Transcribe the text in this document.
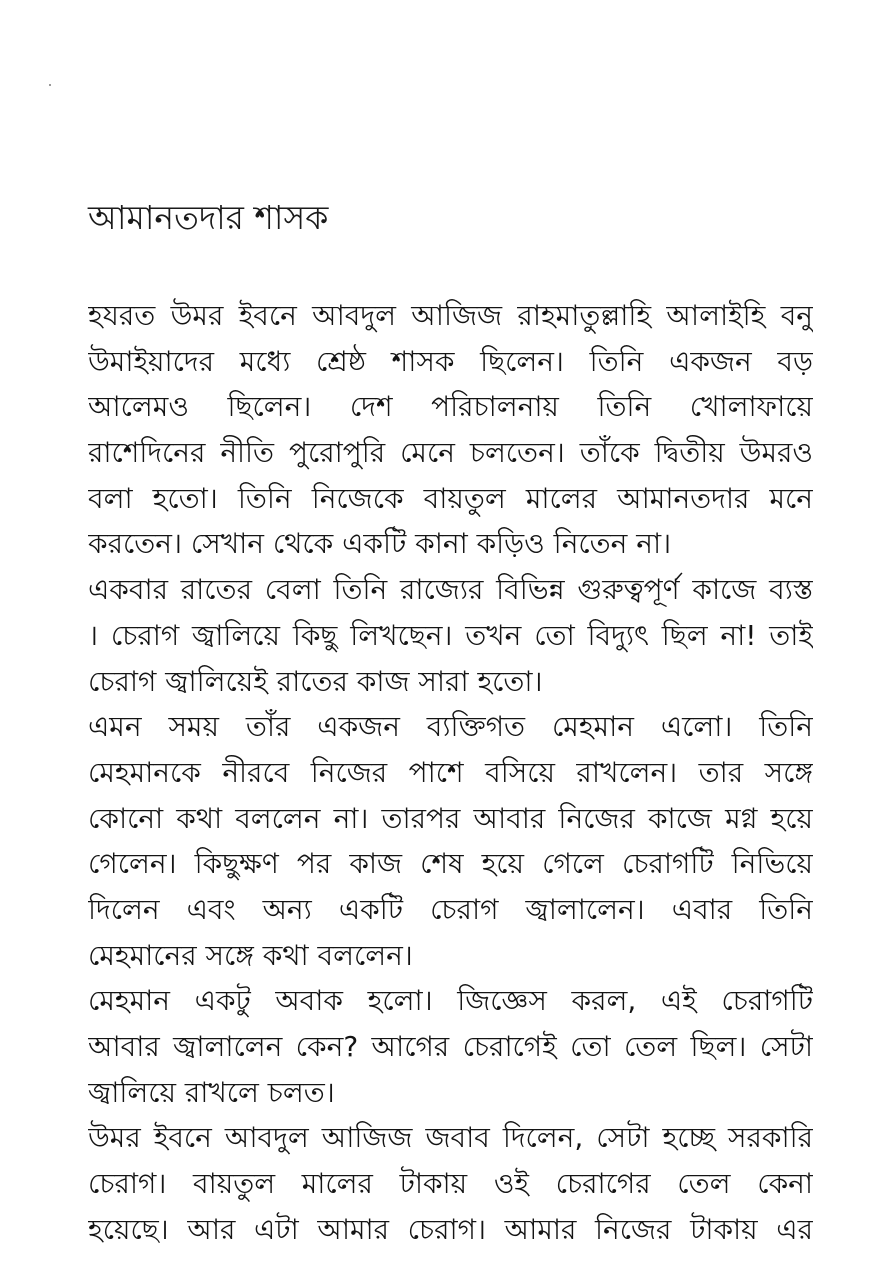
আমানতদার শাসক
হযরত উমর ইবনে আবদুল আজিজ রাহমাতুল্লাহি আলাইহি বনু
উমাইয়াদের মধ্যে শ্রেষ্ঠ শাসক ছিলেন। তিনি একজন বড়
আলেমও ছিলেন। দেশ পরিচালনায় তিনি খোলাফায়ে
রাশেদিনের নীতি পুরোপুরি মেনে চলতেন। তাঁকে দ্বিতীয় উমরও
বলা হতো। তিনি নিজেকে বায়তুল মালের আমানতদার মনে
করতেন। সেখান থেকে একটি কানা কড়িও নিতেন না।
একবার রাতের বেলা তিনি রাজ্যের বিভিন্ন গুরুত্বপূর্ণ কাজে ব্যস্ত
। চেরাগ জ্বালিয়ে কিছু লিখছেন। তখন তো বিদ্যুৎ ছিল না! তাই
চেরাগ জ্বালিয়েই রাতের কাজ সারা হতো।
এমন সময় তাঁর একজন ব্যক্তিগত মেহমান এলো। তিনি
মেহমানকে নীরবে নিজের পাশে বসিয়ে রাখলেন। তার সঙ্গে
কোনো কথা বললেন না। তারপর আবার নিজের কাজে মগ্ন হয়ে
গেলেন। কিছুক্ষণ পর কাজ শেষ হয়ে গেলে চেরাগটি নিভিয়ে
দিলেন এবং অন্য একটি চেরাগ জ্বালালেন। এবার তিনি
মেহমানের সঙ্গে কথা বললেন।
মেহমান একটু অবাক হলো। জিজ্ঞেস করল, এই চেরাগটি
আবার জ্বালালেন কেন? আগের চেরাগেই তো তেল ছিল। সেটা
জ্বালিয়ে রাখলে চলত।
উমর ইবনে আবদুল আজিজ জবাব দিলেন, সেটা হচ্ছে সরকারি
চেরাগ। বায়তুল মালের টাকায় ওই চেরাগের তেল কেনা
হয়েছে। আর এটা আমার চেরাগ। আমার নিজের টাকায় এর
